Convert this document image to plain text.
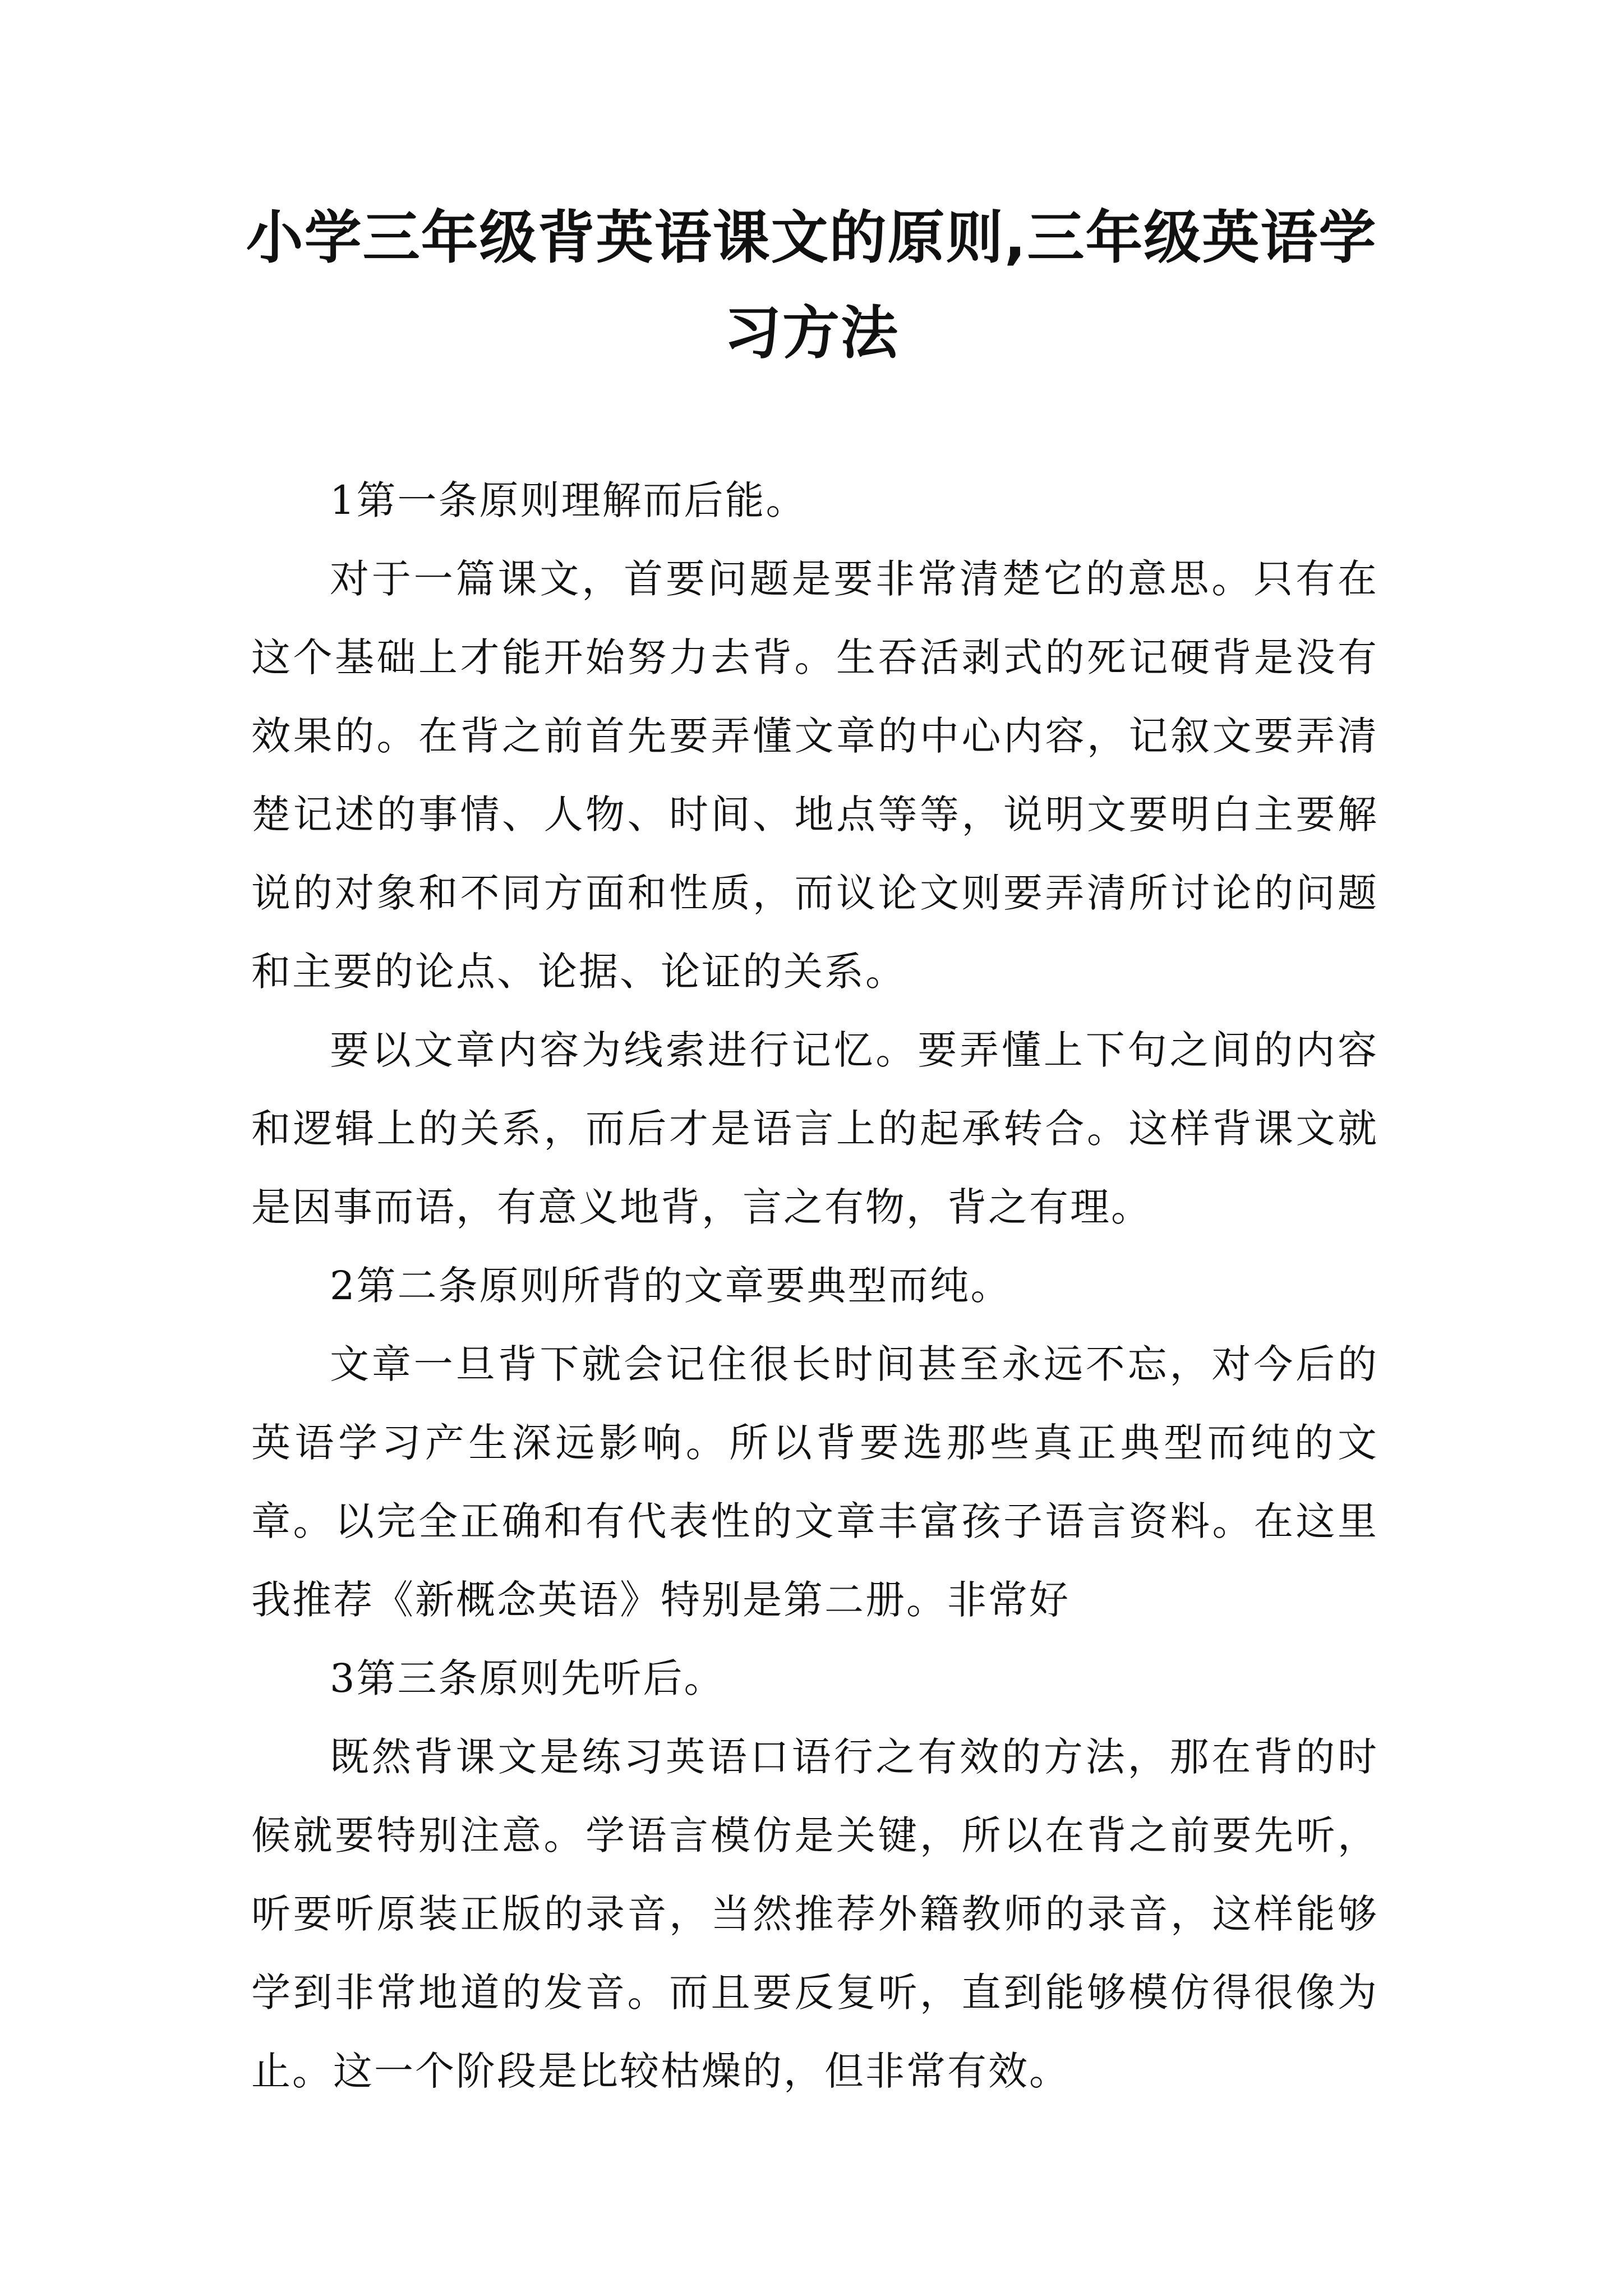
小学三年级背英语课文的原则,三年级英语学习方法

1第一条原则理解而后能。

对于一篇课文，首要问题是要非常清楚它的意思。只有在这个基础上才能开始努力去背。生吞活剥式的死记硬背是没有效果的。在背之前首先要弄懂文章的中心内容，记叙文要弄清楚记述的事情、人物、时间、地点等等，说明文要明白主要解说的对象和不同方面和性质，而议论文则要弄清所讨论的问题和主要的论点、论据、论证的关系。

要以文章内容为线索进行记忆。要弄懂上下句之间的内容和逻辑上的关系，而后才是语言上的起承转合。这样背课文就是因事而语，有意义地背，言之有物，背之有理。

2第二条原则所背的文章要典型而纯。

文章一旦背下就会记住很长时间甚至永远不忘，对今后的英语学习产生深远影响。所以背要选那些真正典型而纯的文章。以完全正确和有代表性的文章丰富孩子语言资料。在这里我推荐《新概念英语》特别是第二册。非常好

3第三条原则先听后。

既然背课文是练习英语口语行之有效的方法，那在背的时候就要特别注意。学语言模仿是关键，所以在背之前要先听，听要听原装正版的录音，当然推荐外籍教师的录音，这样能够学到非常地道的发音。而且要反复听，直到能够模仿得很像为止。这一个阶段是比较枯燥的，但非常有效。
